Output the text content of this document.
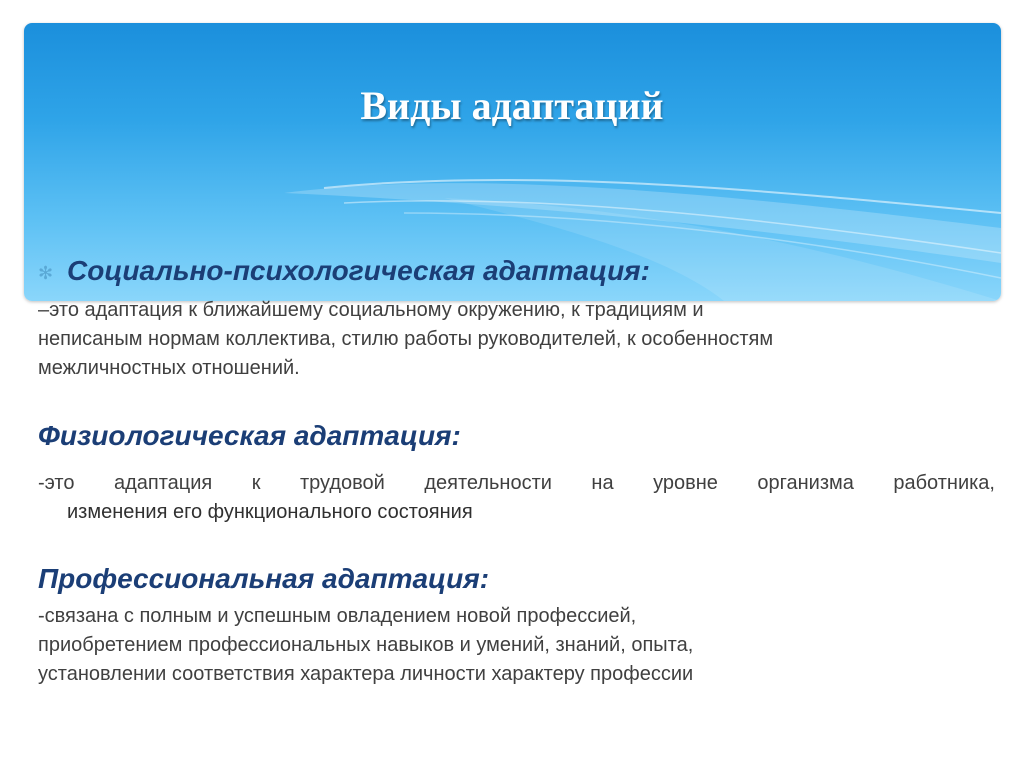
Виды адаптаций
✻ Социально-психологическая адаптация:
–это адаптация к ближайшему социальному окружению, к традициям и
неписаным нормам коллектива, стилю работы руководителей, к особенностям
межличностных отношений.
Физиологическая адаптация:
-это адаптация к трудовой деятельности на уровне организма работника,
изменения его функционального состояния
Профессиональная адаптация:
-связана с полным и успешным овладением новой профессией,
приобретением профессиональных навыков и умений, знаний, опыта,
установлении соответствия характера личности характеру профессии
